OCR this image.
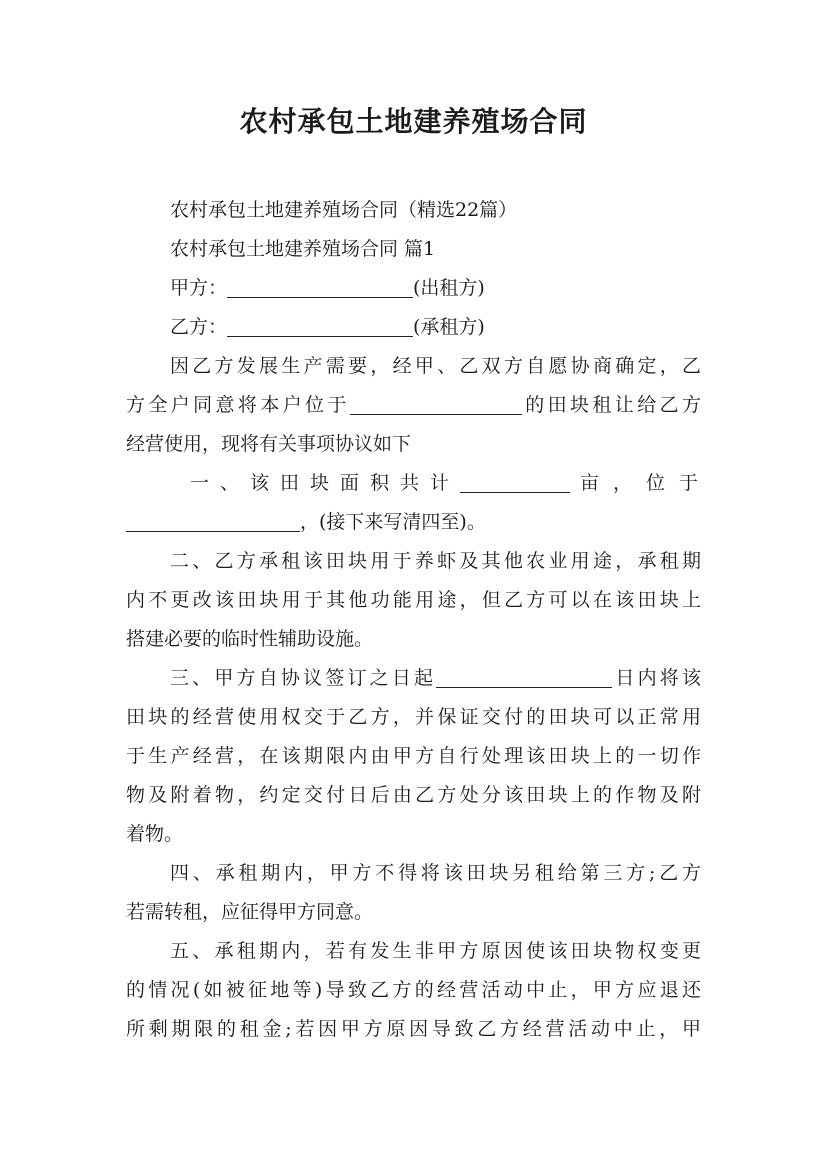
农村承包土地建养殖场合同
农村承包土地建养殖场合同（精选22篇）
农村承包土地建养殖场合同 篇1
甲方：	(出租方)
乙方：	(承租方)
因乙方发展生产需要，经甲、乙双方自愿协商确定，乙
方全户同意将本户位于	的田块租让给乙方
经营使用，现将有关事项协议如下
一、该田块面积共计	亩，位于
，(接下来写清四至)。
二、乙方承租该田块用于养虾及其他农业用途，承租期
内不更改该田块用于其他功能用途，但乙方可以在该田块上
搭建必要的临时性辅助设施。
三、甲方自协议签订之日起	日内将该
田块的经营使用权交于乙方，并保证交付的田块可以正常用
于生产经营，在该期限内由甲方自行处理该田块上的一切作
物及附着物，约定交付日后由乙方处分该田块上的作物及附
着物。
四、承租期内，甲方不得将该田块另租给第三方;乙方
若需转租，应征得甲方同意。
五、承租期内，若有发生非甲方原因使该田块物权变更
的情况(如被征地等)导致乙方的经营活动中止，甲方应退还
所剩期限的租金;若因甲方原因导致乙方经营活动中止，甲
